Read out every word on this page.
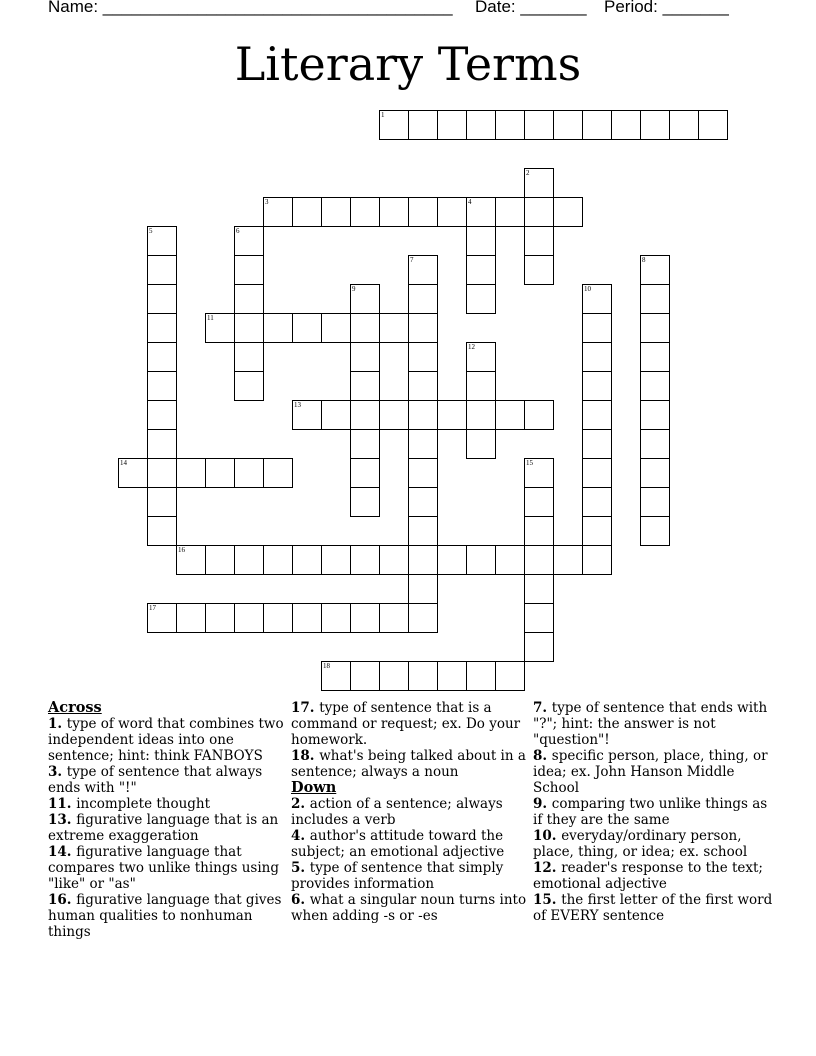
Name: _____________________________________

Date: _______

Period: _______

Literary Terms
1
2
3	4
5	6
7	8
9	10
11
12
13
14	15
16
17
18
Across
1. type of word that combines two independent ideas into one sentence; hint: think FANBOYS
3. type of sentence that always ends with "!"
11. incomplete thought
13. figurative language that is an extreme exaggeration
14. figurative language that compares two unlike things using "like" or "as"
16. figurative language that gives human qualities to nonhuman things
17. type of sentence that is a command or request; ex. Do your homework.
18. what's being talked about in a sentence; always a noun
Down
2. action of a sentence; always includes a verb
4. author's attitude toward the subject; an emotional adjective
5. type of sentence that simply provides information
6. what a singular noun turns into when adding -s or -es
7. type of sentence that ends with "?"; hint: the answer is not "question"!
8. specific person, place, thing, or idea; ex. John Hanson Middle School
9. comparing two unlike things as if they are the same
10. everyday/ordinary person, place, thing, or idea; ex. school
12. reader's response to the text; emotional adjective
15. the first letter of the first word of EVERY sentence
